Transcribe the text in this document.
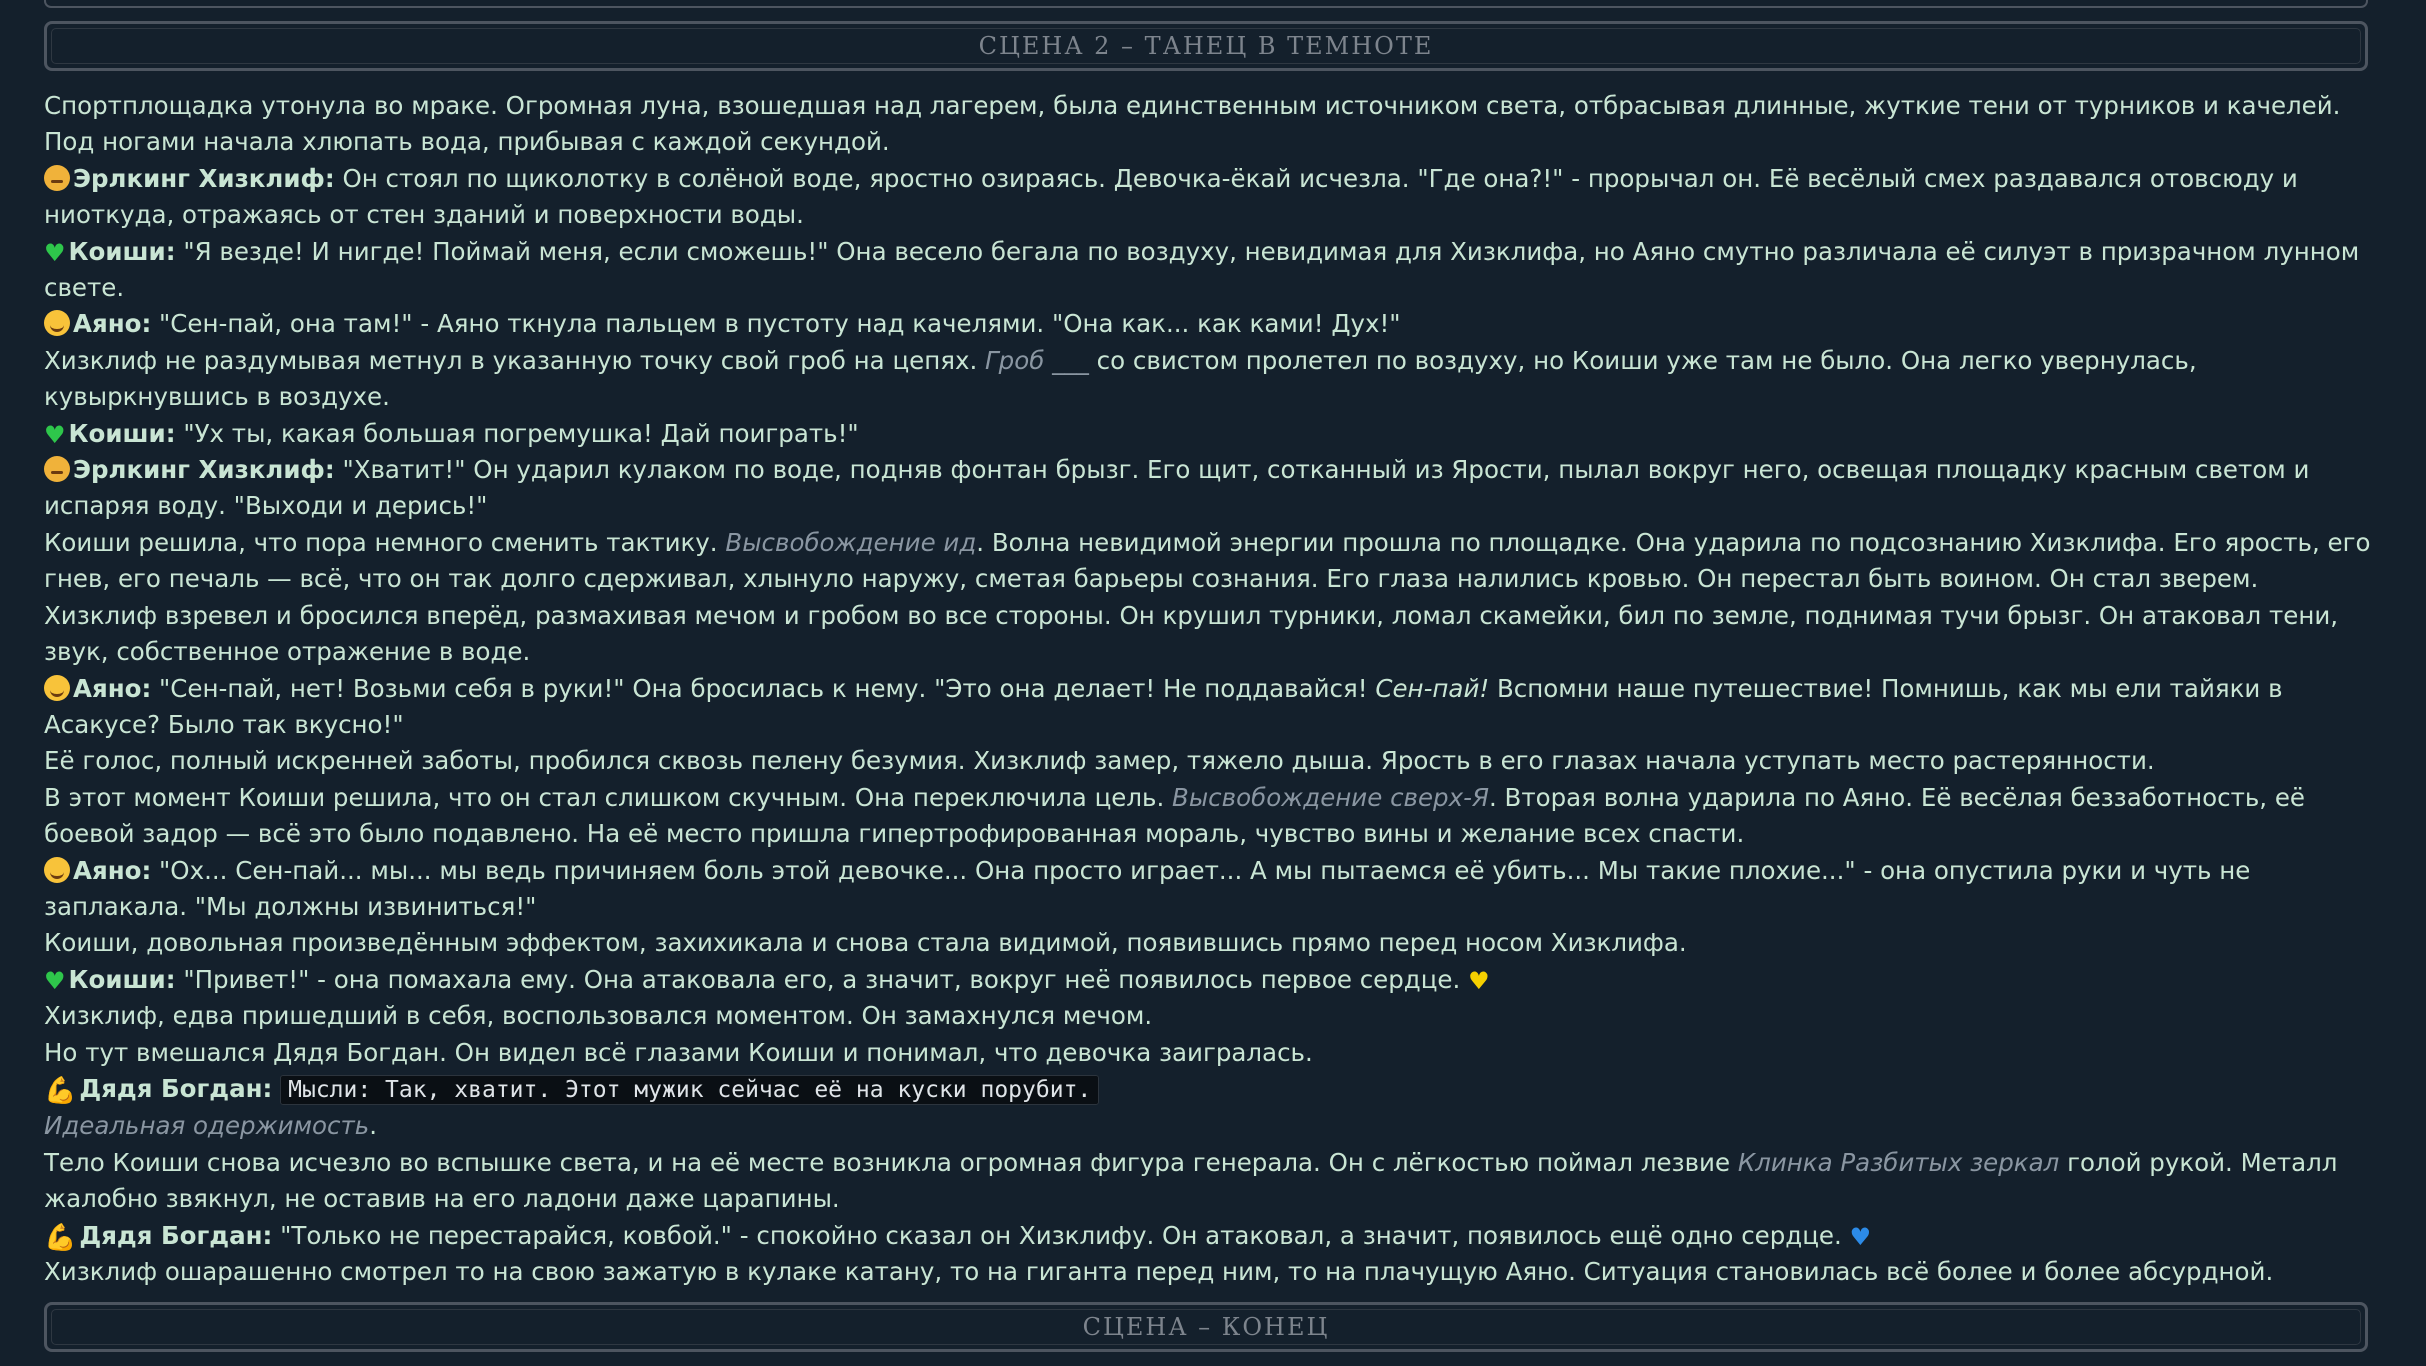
СЦЕНА 2 – ТАНЕЦ В ТЕМНОТЕ
Спортплощадка утонула во мраке. Огромная луна, взошедшая над лагерем, была единственным источником света, отбрасывая длинные, жуткие тени от турников и качелей. Под ногами начала хлюпать вода, прибывая с каждой секундой.
Эрлкинг Хизклиф: Он стоял по щиколотку в солёной воде, яростно озираясь. Девочка-ёкай исчезла. "Где она?!" - прорычал он. Её весёлый смех раздавался отовсюду и ниоткуда, отражаясь от стен зданий и поверхности воды.
♥ Коиши: "Я везде! И нигде! Поймай меня, если сможешь!" Она весело бегала по воздуху, невидимая для Хизклифа, но Аяно смутно различала её силуэт в призрачном лунном свете.
Аяно: "Сен-пай, она там!" - Аяно ткнула пальцем в пустоту над качелями. "Она как... как ками! Дух!"
Хизклиф не раздумывая метнул в указанную точку свой гроб на цепях. Гроб ___ со свистом пролетел по воздуху, но Коиши уже там не было. Она легко увернулась, кувыркнувшись в воздухе.
♥ Коиши: "Ух ты, какая большая погремушка! Дай поиграть!"
Эрлкинг Хизклиф: "Хватит!" Он ударил кулаком по воде, подняв фонтан брызг. Его щит, сотканный из Ярости, пылал вокруг него, освещая площадку красным светом и испаряя воду. "Выходи и дерись!"
Коиши решила, что пора немного сменить тактику. Высвобождение ид. Волна невидимой энергии прошла по площадке. Она ударила по подсознанию Хизклифа. Его ярость, его гнев, его печаль — всё, что он так долго сдерживал, хлынуло наружу, сметая барьеры сознания. Его глаза налились кровью. Он перестал быть воином. Он стал зверем.
Хизклиф взревел и бросился вперёд, размахивая мечом и гробом во все стороны. Он крушил турники, ломал скамейки, бил по земле, поднимая тучи брызг. Он атаковал тени, звук, собственное отражение в воде.
Аяно: "Сен-пай, нет! Возьми себя в руки!" Она бросилась к нему. "Это она делает! Не поддавайся! Сен-пай! Вспомни наше путешествие! Помнишь, как мы ели тайяки в Асакусе? Было так вкусно!"
Её голос, полный искренней заботы, пробился сквозь пелену безумия. Хизклиф замер, тяжело дыша. Ярость в его глазах начала уступать место растерянности.
В этот момент Коиши решила, что он стал слишком скучным. Она переключила цель. Высвобождение сверх-Я. Вторая волна ударила по Аяно. Её весёлая беззаботность, её боевой задор — всё это было подавлено. На её место пришла гипертрофированная мораль, чувство вины и желание всех спасти.
Аяно: "Ох... Сен-пай... мы... мы ведь причиняем боль этой девочке... Она просто играет... А мы пытаемся её убить... Мы такие плохие..." - она опустила руки и чуть не заплакала. "Мы должны извиниться!"
Коиши, довольная произведённым эффектом, захихикала и снова стала видимой, появившись прямо перед носом Хизклифа.
♥ Коиши: "Привет!" - она помахала ему. Она атаковала его, а значит, вокруг неё появилось первое сердце. ♥
Хизклиф, едва пришедший в себя, воспользовался моментом. Он замахнулся мечом.
Но тут вмешался Дядя Богдан. Он видел всё глазами Коиши и понимал, что девочка заигралась.
💪 Дядя Богдан: Мысли: Так, хватит. Этот мужик сейчас её на куски порубит.
Идеальная одержимость.
Тело Коиши снова исчезло во вспышке света, и на её месте возникла огромная фигура генерала. Он с лёгкостью поймал лезвие Клинка Разбитых зеркал голой рукой. Металл жалобно звякнул, не оставив на его ладони даже царапины.
💪 Дядя Богдан: "Только не перестарайся, ковбой." - спокойно сказал он Хизклифу. Он атаковал, а значит, появилось ещё одно сердце. ♥
Хизклиф ошарашенно смотрел то на свою зажатую в кулаке катану, то на гиганта перед ним, то на плачущую Аяно. Ситуация становилась всё более и более абсурдной.
СЦЕНА – КОНЕЦ
